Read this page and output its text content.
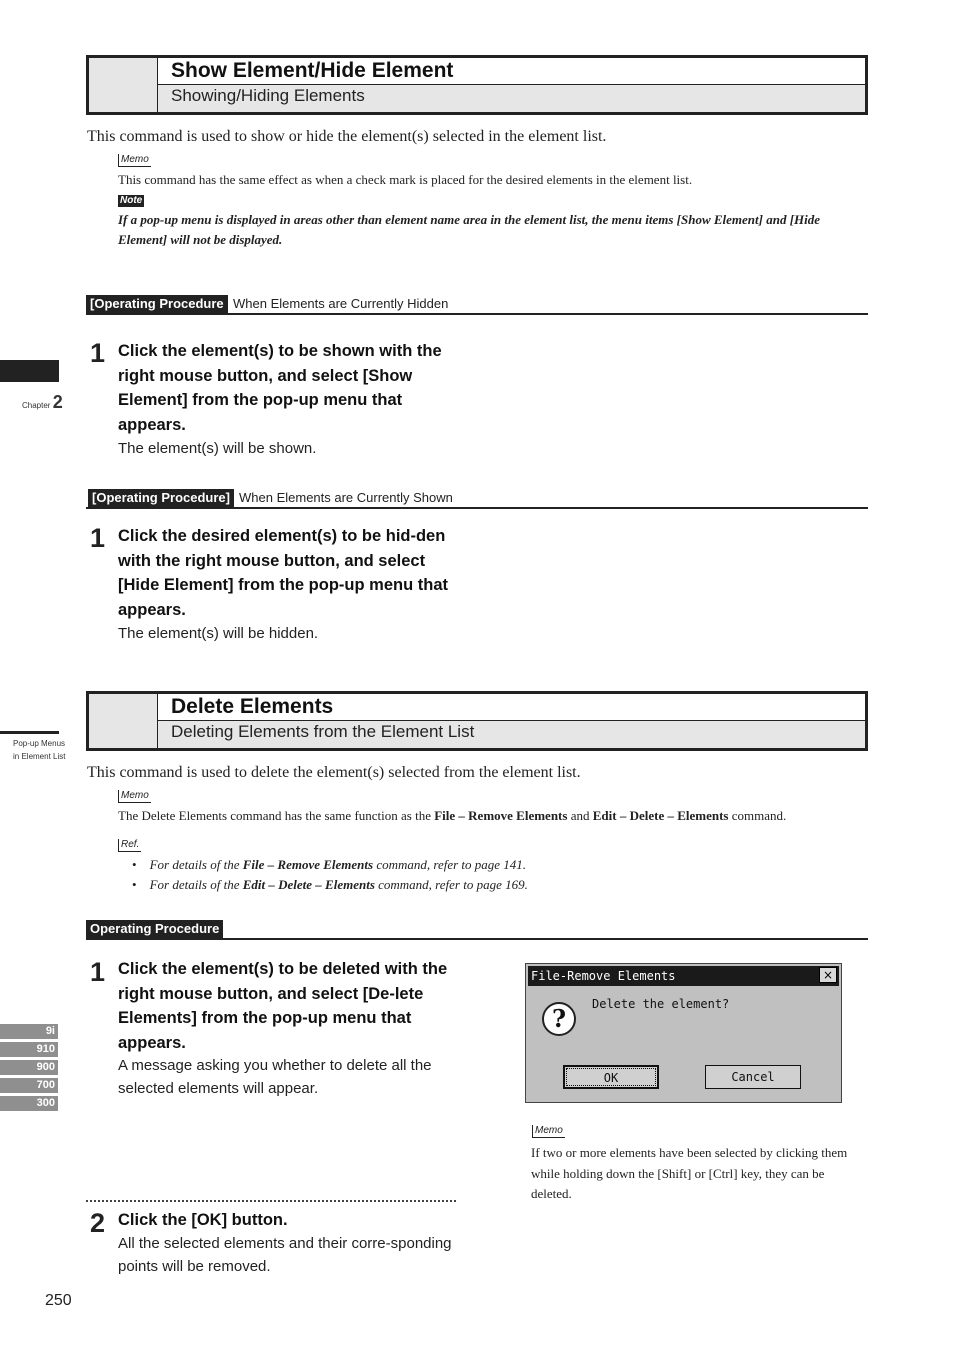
Chapter 2
Pop-up Menus
in Element List
9i
910
900
700
300
Show Element/Hide Element
Showing/Hiding Elements
This command is used to show or hide the element(s) selected in the element list.
Memo
This command has the same effect as when a check mark is placed for the desired elements in the element list.
Note
If a pop-up menu is displayed in areas other than element name area in the element list, the menu items [Show Element] and [Hide Element] will not be displayed.
[Operating Procedure When Elements are Currently Hidden
1 Click the element(s) to be shown with the right mouse button, and select [Show Element] from the pop-up menu that appears.
The element(s) will be shown.
[Operating Procedure] When Elements are Currently Shown
1 Click the desired element(s) to be hid-den with the right mouse button, and select [Hide Element] from the pop-up menu that appears.
The element(s) will be hidden.
Delete Elements
Deleting Elements from the Element List
This command is used to delete the element(s) selected from the element list.
Memo
The Delete Elements command has the same function as the File – Remove Elements and Edit – Delete – Elements command.
Ref.
• For details of the File – Remove Elements command, refer to page 141.
• For details of the Edit – Delete – Elements command, refer to page 169.
Operating Procedure
1 Click the element(s) to be deleted with the right mouse button, and select [De-lete Elements] from the pop-up menu that appears.
A message asking you whether to delete all the selected elements will appear.
2 Click the [OK] button.
All the selected elements and their corre-sponding points will be removed.
File-Remove Elements	×
?	Delete the element?
OK	Cancel
Memo
If two or more elements have been selected by clicking them while holding down the [Shift] or [Ctrl] key, they can be deleted.
250
